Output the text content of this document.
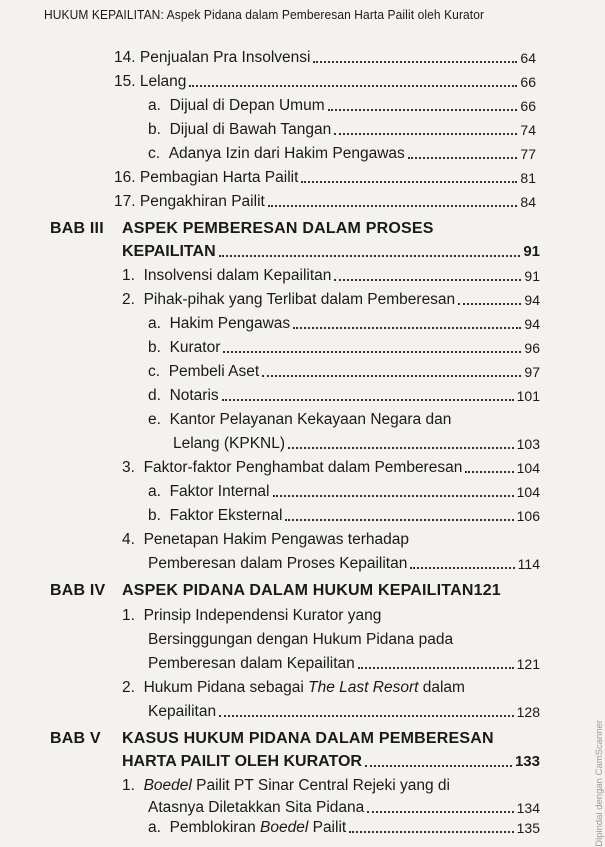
HUKUM KEPAILITAN: Aspek Pidana dalam Pemberesan Harta Pailit oleh Kurator
14.
Penjualan Pra Insolvensi	64
15.
Lelang	66
a.
Dijual di Depan Umum	66
b.
Dijual di Bawah Tangan	74
c.
Adanya Izin dari Hakim Pengawas	77
16.
Pembagian Harta Pailit	81
17.
Pengakhiran Pailit	84
BAB III ASPEK PEMBERESAN DALAM PROSES
KEPAILITAN	91
1.
Insolvensi dalam Kepailitan	91
2.
Pihak-pihak yang Terlibat dalam Pemberesan	94
a.
Hakim Pengawas	94
b.
Kurator	96
c.
Pembeli Aset	97
d.
Notaris	101
e. Kantor Pelayanan Kekayaan Negara dan
Lelang (KPKNL)	103
3.
Faktor-faktor Penghambat dalam Pemberesan	104
a.
Faktor Internal	104
b.
Faktor Eksternal	106
4. Penetapan Hakim Pengawas terhadap
Pemberesan dalam Proses Kepailitan	114
BAB IV ASPEK PIDANA DALAM HUKUM KEPAILITAN121
1. Prinsip Independensi Kurator yang
Bersinggungan dengan Hukum Pidana pada
Pemberesan dalam Kepailitan	121
2. Hukum Pidana sebagai The Last Resort dalam
Kepailitan	128
BAB V KASUS HUKUM PIDANA DALAM PEMBERESAN
HARTA PAILIT OLEH KURATOR	133
1. Boedel Pailit PT Sinar Central Rejeki yang di
Atasnya Diletakkan Sita Pidana	134
a.
Pemblokiran Boedel Pailit	135	Dipindai dengan CamScanner
